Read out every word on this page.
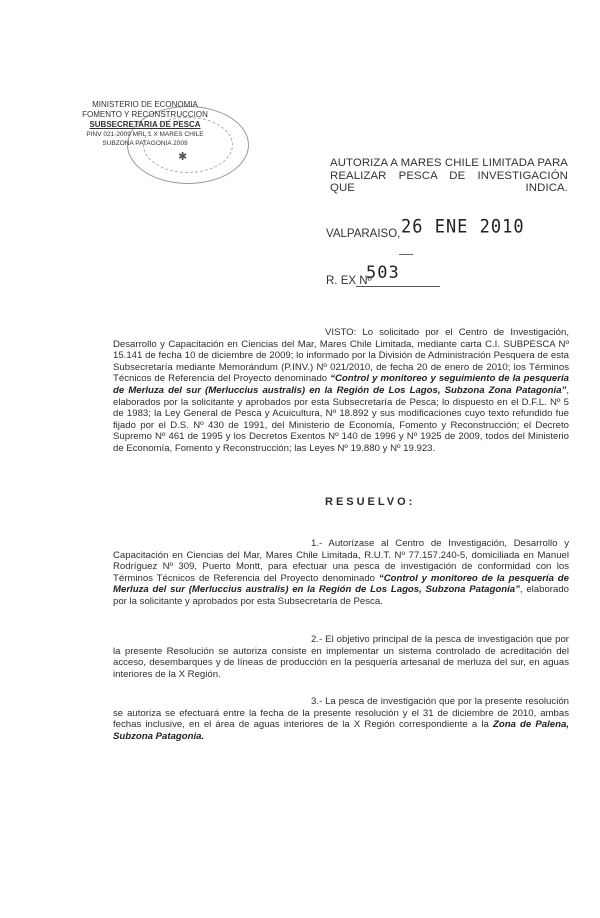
MINISTERIO DE ECONOMIA
FOMENTO Y RECONSTRUCCION
SUBSECRETARIA DE PESCA
PINV 021-2009 MRL 1 X MARES CHILE
SUBZONA PATAGONIA 2009
✱	AUTORIZA A MARES CHILE LIMITADA PARA REALIZAR PESCA DE INVESTIGACIÓN QUE INDICA.
VALPARAISO, 26 ENE 2010
R. EX Nº
503
VISTO: Lo solicitado por el Centro de Investigación, Desarrollo y Capacitación en Ciencias del Mar, Mares Chile Limitada, mediante carta C.I. SUBPESCA Nº 15.141 de fecha 10 de diciembre de 2009; lo informado por la División de Administración Pesquera de esta Subsecretaría mediante Memorándum (P.INV.) Nº 021/2010, de fecha 20 de enero de 2010; los Términos Técnicos de Referencia del Proyecto denominado “Control y monitoreo y seguimiento de la pesquería de Merluza del sur (Merluccius australis) en la Región de Los Lagos, Subzona Zona Patagonia”, elaborados por la solicitante y aprobados por esta Subsecretaría de Pesca; lo dispuesto en el D.F.L. Nº 5 de 1983; la Ley General de Pesca y Acuicultura, Nº 18.892 y sus modificaciones cuyo texto refundido fue fijado por el D.S. Nº 430 de 1991, del Ministerio de Economía, Fomento y Reconstrucción; el Decreto Supremo Nº 461 de 1995 y los Decretos Exentos Nº 140 de 1996 y Nº 1925 de 2009, todos del Ministerio de Economía, Fomento y Reconstrucción; las Leyes Nº 19.880 y Nº 19.923.
RESUELVO:
1.- Autorízase al Centro de Investigación, Desarrollo y Capacitación en Ciencias del Mar, Mares Chile Limitada, R.U.T. Nº 77.157.240-5, domiciliada en Manuel Rodríguez Nº 309, Puerto Montt, para efectuar una pesca de investigación de conformidad con los Términos Técnicos de Referencia del Proyecto denominado “Control y monitoreo de la pesquería de Merluza del sur (Merluccius australis) en la Región de Los Lagos, Subzona Patagonia”, elaborado por la solicitante y aprobados por esta Subsecretaría de Pesca.
2.- El objetivo principal de la pesca de investigación que por la presente Resolución se autoriza consiste en implementar un sistema controlado de acreditación del acceso, desembarques y de líneas de producción en la pesquería artesanal de merluza del sur, en aguas interiores de la X Región.
3.- La pesca de investigación que por la presente resolución se autoriza se efectuará entre la fecha de la presente resolución y el 31 de diciembre de 2010, ambas fechas inclusive, en el área de aguas interiores de la X Región correspondiente a la Zona de Palena, Subzona Patagonia.
